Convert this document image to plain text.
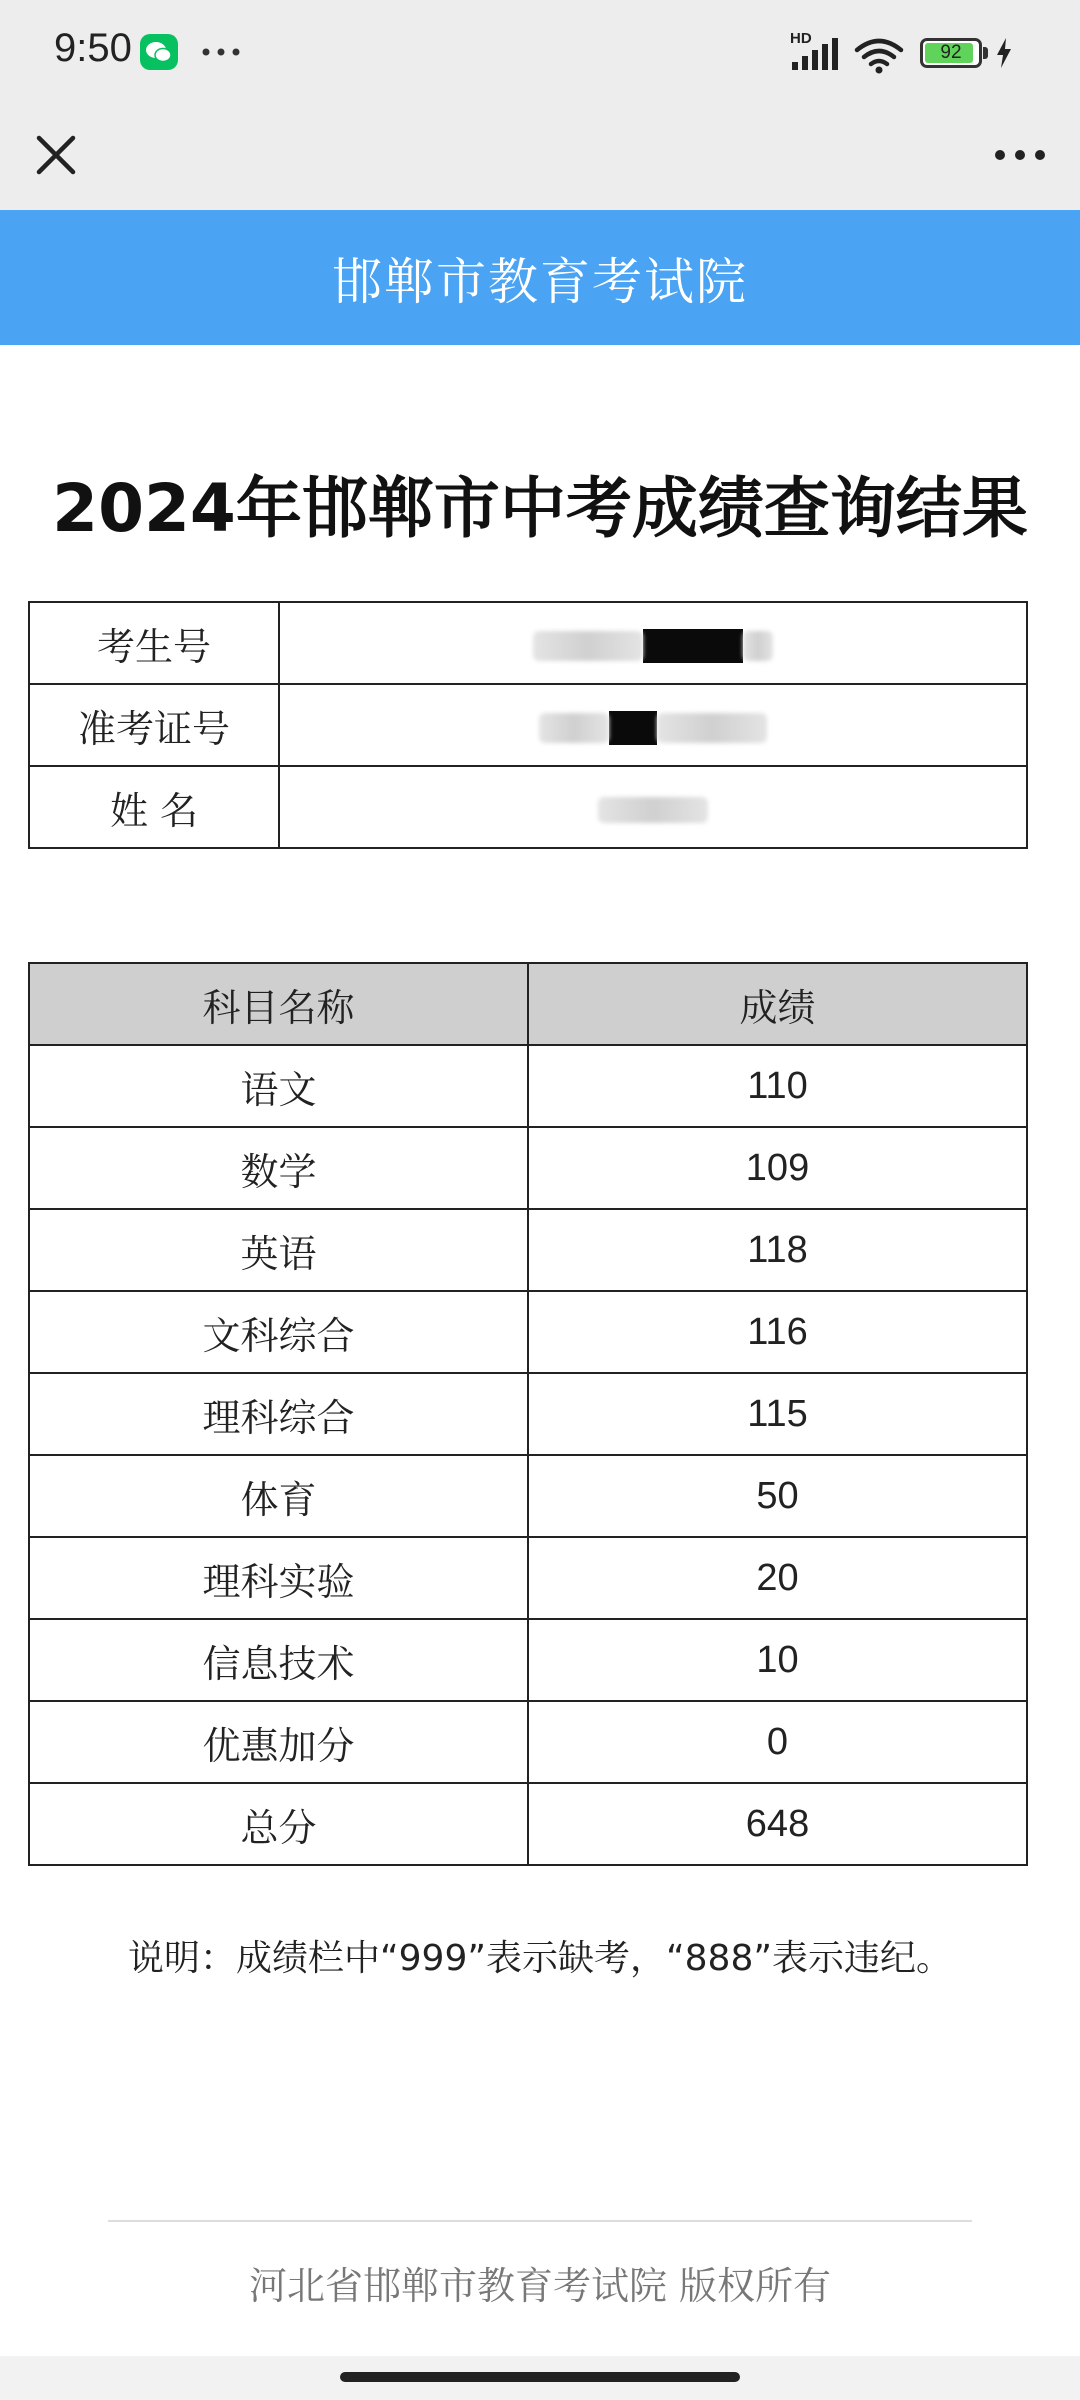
9:50	HD
92
邯郸市教育考试院
2024年邯郸市中考成绩查询结果
考生号	
准考证号	
姓 名	
科目名称	成绩
语文	110
数学	109
英语	118
文科综合	116
理科综合	115
体育	50
理科实验	20
信息技术	10
优惠加分	0
总分	648
说明：成绩栏中“999”表示缺考，“888”表示违纪。
河北省邯郸市教育考试院 版权所有
